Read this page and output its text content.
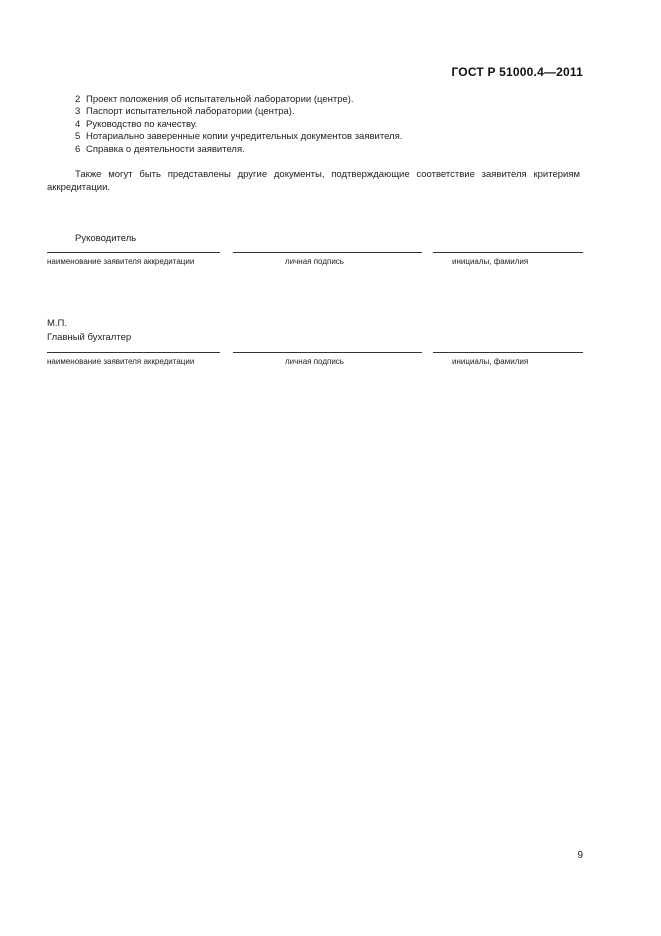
ГОСТ Р 51000.4—2011
2 Проект положения об испытательной лаборатории (центре).
3 Паспорт испытательной лаборатории (центра).
4 Руководство по качеству.
5 Нотариально заверенные копии учредительных документов заявителя.
6 Справка о деятельности заявителя.
Также могут быть представлены другие документы, подтверждающие соответствие заявителя критериям аккредитации.
Руководитель
наименование заявителя аккредитации	личная подпись	инициалы, фамилия
М.П.
Главный бухгалтер
наименование заявителя аккредитации	личная подпись	инициалы, фамилия
9
